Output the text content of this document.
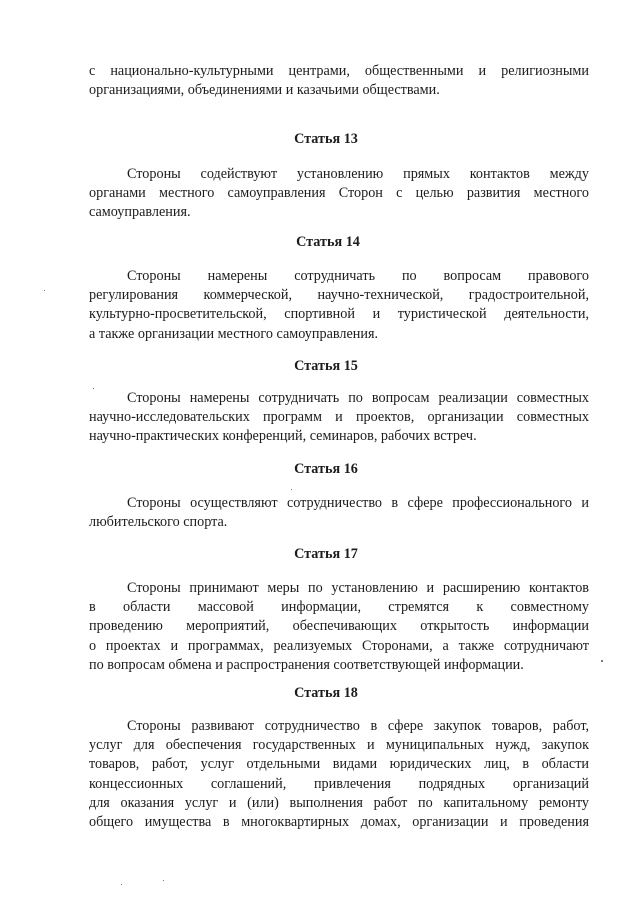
с национально-культурными центрами, общественными и религиозными
организациями, объединениями и казачьими обществами.

Статья 13

Стороны содействуют установлению прямых контактов между
органами местного самоуправления Сторон с целью развития местного
самоуправления.

Статья 14

Стороны намерены сотрудничать по вопросам правового
регулирования коммерческой, научно-технической, градостроительной,
культурно-просветительской, спортивной и туристической деятельности,
а также организации местного самоуправления.

Статья 15

Стороны намерены сотрудничать по вопросам реализации совместных
научно-исследовательских программ и проектов, организации совместных
научно-практических конференций, семинаров, рабочих встреч.

Статья 16

Стороны осуществляют сотрудничество в сфере профессионального и
любительского спорта.

Статья 17

Стороны принимают меры по установлению и расширению контактов
в области массовой информации, стремятся к совместному
проведению мероприятий, обеспечивающих открытость информации
о проектах и программах, реализуемых Сторонами, а также сотрудничают
по вопросам обмена и распространения соответствующей информации.

Статья 18

Стороны развивают сотрудничество в сфере закупок товаров, работ,
услуг для обеспечения государственных и муниципальных нужд, закупок
товаров, работ, услуг отдельными видами юридических лиц, в области
концессионных соглашений, привлечения подрядных организаций
для оказания услуг и (или) выполнения работ по капитальному ремонту
общего имущества в многоквартирных домах, организации и проведения
